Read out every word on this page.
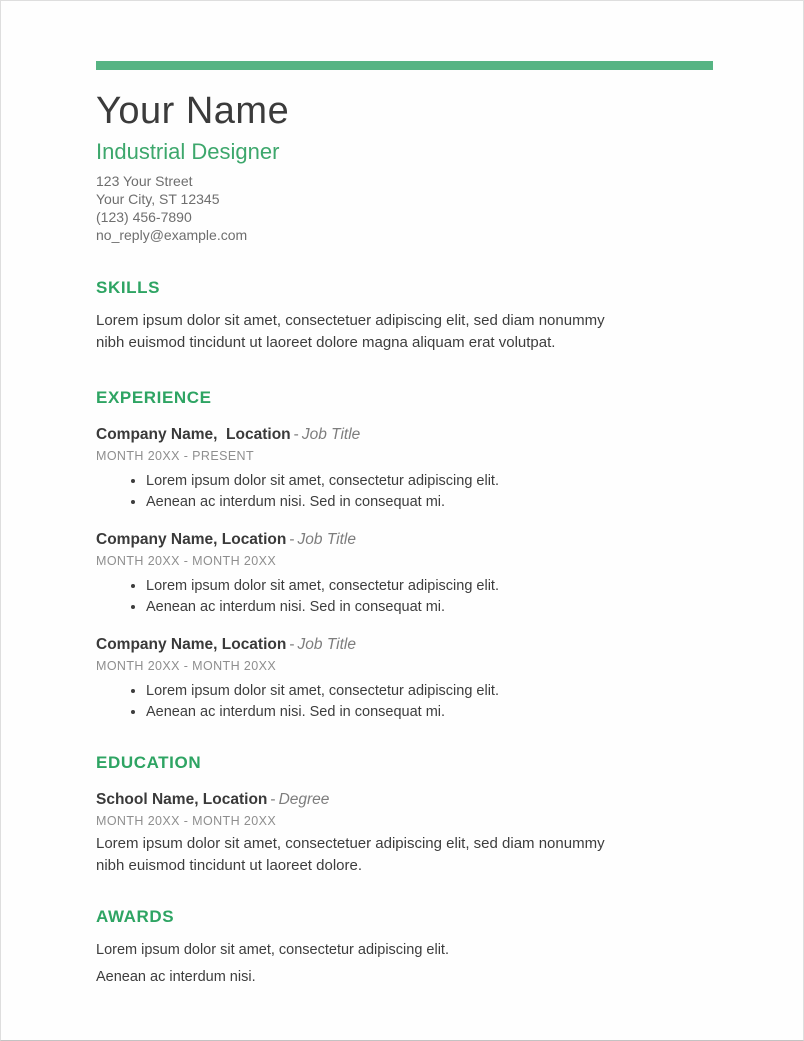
Your Name
Industrial Designer
123 Your Street
Your City, ST 12345
(123) 456-7890
no_reply@example.com
SKILLS

Lorem ipsum dolor sit amet, consectetuer adipiscing elit, sed diam nonummy nibh euismod tincidunt ut laoreet dolore magna aliquam erat volutpat.

EXPERIENCE
Company Name,  Location - Job Title
MONTH 20XX - PRESENT
• Lorem ipsum dolor sit amet, consectetur adipiscing elit.
• Aenean ac interdum nisi. Sed in consequat mi.
Company Name, Location - Job Title
MONTH 20XX - MONTH 20XX
• Lorem ipsum dolor sit amet, consectetur adipiscing elit.
• Aenean ac interdum nisi. Sed in consequat mi.
Company Name, Location - Job Title
MONTH 20XX - MONTH 20XX
• Lorem ipsum dolor sit amet, consectetur adipiscing elit.
• Aenean ac interdum nisi. Sed in consequat mi.
EDUCATION
School Name, Location - Degree
MONTH 20XX - MONTH 20XX

Lorem ipsum dolor sit amet, consectetuer adipiscing elit, sed diam nonummy nibh euismod tincidunt ut laoreet dolore.

AWARDS

Lorem ipsum dolor sit amet, consectetur adipiscing elit.

Aenean ac interdum nisi.
